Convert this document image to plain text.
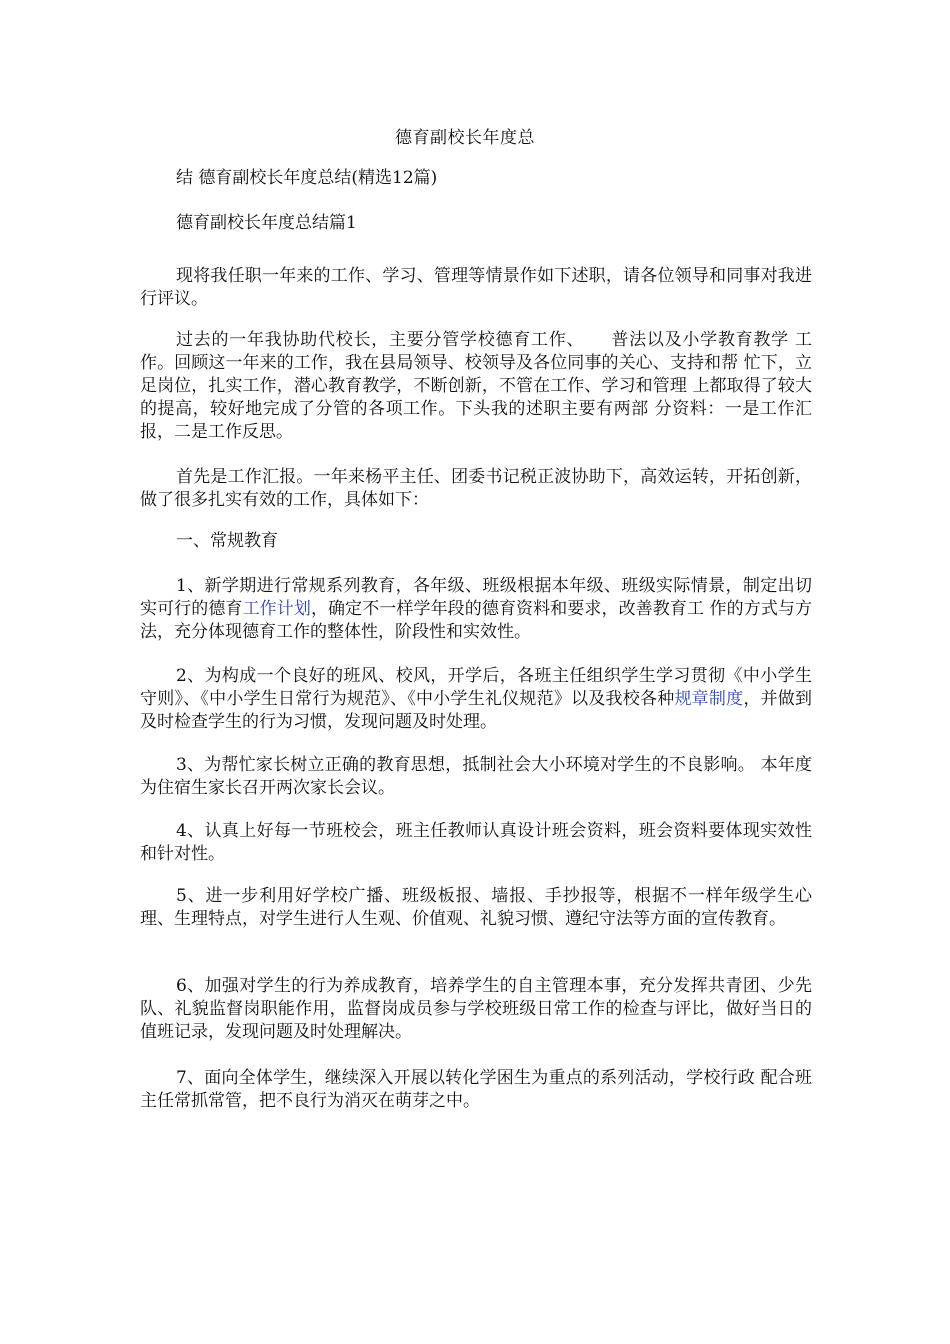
德育副校长年度总
结 德育副校长年度总结(精选12篇)
德育副校长年度总结篇1

现将我任职一年来的工作、学习、管理等情景作如下述职，请各位领导和同事对我进行评议。

过去的一年我协助代校长，主要分管学校德育工作、　　普法以及小学教育教学 工作。回顾这一年来的工作，我在县局领导、校领导及各位同事的关心、支持和帮 忙下，立足岗位，扎实工作，潜心教育教学，不断创新，不管在工作、学习和管理 上都取得了较大的提高，较好地完成了分管的各项工作。下头我的述职主要有两部 分资料：一是工作汇报，二是工作反思。

首先是工作汇报。一年来杨平主任、团委书记税正波协助下，高效运转，开拓创新，做了很多扎实有效的工作，具体如下：

一、常规教育

1、新学期进行常规系列教育，各年级、班级根据本年级、班级实际情景，制定出切实可行的德育工作计划，确定不一样学年段的德育资料和要求，改善教育工 作的方式与方法，充分体现德育工作的整体性，阶段性和实效性。

2、为构成一个良好的班风、校风，开学后，各班主任组织学生学习贯彻《中小学生守则》、《中小学生日常行为规范》、《中小学生礼仪规范》以及我校各种规章制度，并做到及时检查学生的行为习惯，发现问题及时处理。

3、为帮忙家长树立正确的教育思想，抵制社会大小环境对学生的不良影响。 本年度为住宿生家长召开两次家长会议。

4、认真上好每一节班校会，班主任教师认真设计班会资料，班会资料要体现实效性和针对性。

5、进一步利用好学校广播、班级板报、墙报、手抄报等，根据不一样年级学生心理、生理特点，对学生进行人生观、价值观、礼貌习惯、遵纪守法等方面的宣传教育。

6、加强对学生的行为养成教育，培养学生的自主管理本事，充分发挥共青团、少先队、礼貌监督岗职能作用，监督岗成员参与学校班级日常工作的检查与评比，做好当日的值班记录，发现问题及时处理解决。

7、面向全体学生，继续深入开展以转化学困生为重点的系列活动，学校行政 配合班主任常抓常管，把不良行为消灭在萌芽之中。
